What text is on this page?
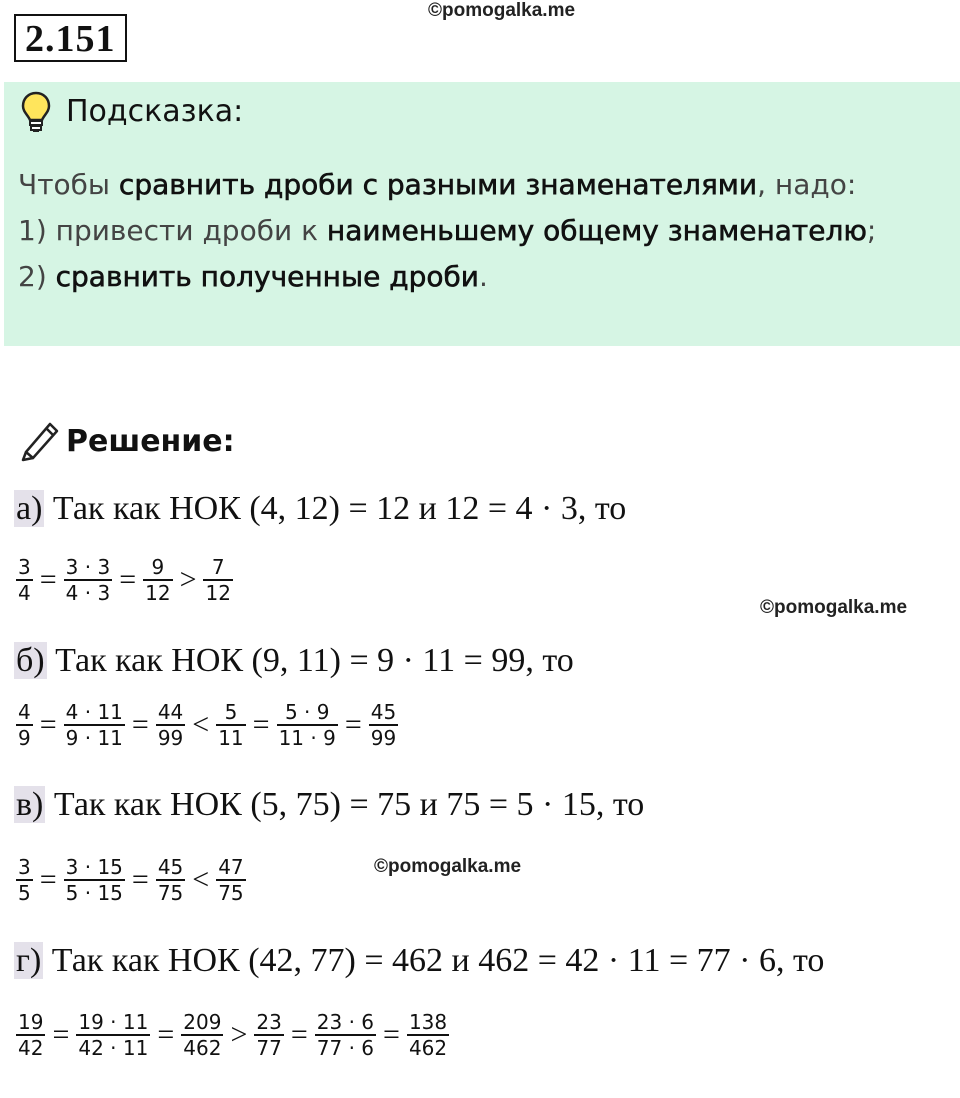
2.151
©pomogalka.me
Подсказка:
Чтобы сравнить дроби с разными знаменателями, надо:
1) привести дроби к наименьшему общему знаменателю;
2) сравнить полученные дроби.
Решение:
а) Так как НОК (4, 12) = 12 и 12 = 4 · 3, то
$\frac{3}{4} = \frac{3 \cdot 3}{4 \cdot 3} = \frac{9}{12} > \frac{7}{12}$
©pomogalka.me
б) Так как НОК (9, 11) = 9 · 11 = 99, то
$\frac{4}{9} = \frac{4 \cdot 11}{9 \cdot 11} = \frac{44}{99} < \frac{5}{11} = \frac{5 \cdot 9}{11 \cdot 9} = \frac{45}{99}$
в) Так как НОК (5, 75) = 75 и 75 = 5 · 15, то
$\frac{3}{5} = \frac{3 \cdot 15}{5 \cdot 15} = \frac{45}{75} < \frac{47}{75}$	©pomogalka.me
г) Так как НОК (42, 77) = 462 и 462 = 42 · 11 = 77 · 6, то
$\frac{19}{42} = \frac{19 \cdot 11}{42 \cdot 11} = \frac{209}{462} > \frac{23}{77} = \frac{23 \cdot 6}{77 \cdot 6} = \frac{138}{462}$
